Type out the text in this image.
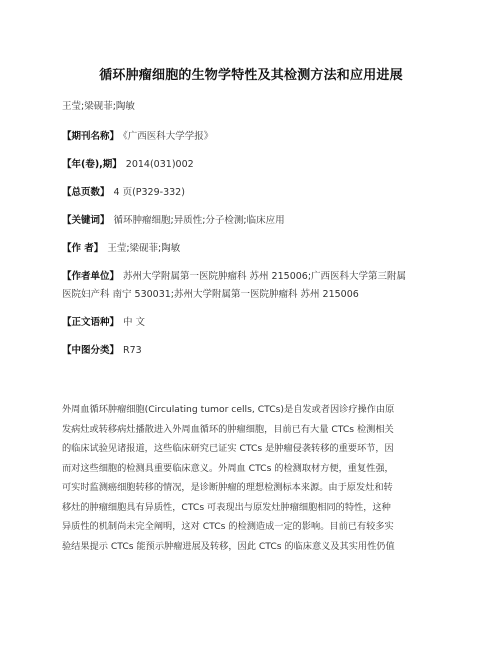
循环肿瘤细胞的生物学特性及其检测方法和应用进展
王莹;梁砚菲;陶敏
【期刊名称】 《广西医科大学学报》
【年(卷),期】 2014(031)002
【总页数】 4 页(P329-332)
【关键词】 循环肿瘤细胞;异质性;分子检测;临床应用
【作 者】 王莹;梁砚菲;陶敏
【作者单位】 苏州大学附属第一医院肿瘤科 苏州 215006;广西医科大学第三附属
医院妇产科 南宁 530031;苏州大学附属第一医院肿瘤科 苏州 215006
【正文语种】 中 文
【中图分类】 R73
外周血循环肿瘤细胞(Circulating tumor cells, CTCs)是自发或者因诊疗操作由原
发病灶或转移病灶播散进入外周血循环的肿瘤细胞，目前已有大量 CTCs 检测相关
的临床试验见诸报道，这些临床研究已证实 CTCs 是肿瘤侵袭转移的重要环节，因
而对这些细胞的检测具重要临床意义。外周血 CTCs 的检测取材方便，重复性强，
可实时监测癌细胞转移的情况，是诊断肿瘤的理想检测标本来源。由于原发灶和转
移灶的肿瘤细胞具有异质性，CTCs 可表现出与原发灶肿瘤细胞相同的特性，这种
异质性的机制尚未完全阐明，这对 CTCs 的检测造成一定的影响。目前已有较多实
验结果提示 CTCs 能预示肿瘤进展及转移，因此 CTCs 的临床意义及其实用性仍值
